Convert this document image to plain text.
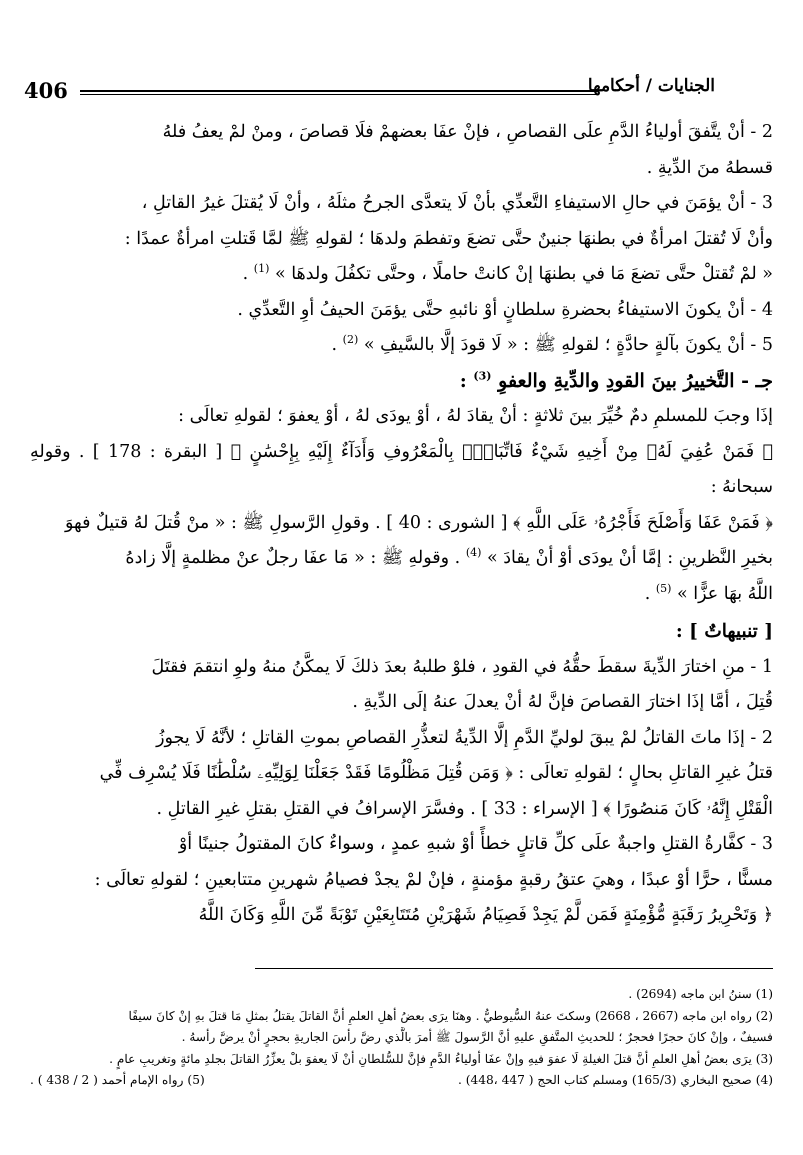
الجنايات / أحكامها
406

2 - أنْ يتَّفقَ أولياءُ الدَّمِ علَى القصاصِ ، فإنْ عفَا بعضهمْ فلَا قصاصَ ، ومنْ لمْ يعفُ فلهُ

قسطهُ منَ الدِّيةِ .

3 - أنْ يؤمَنَ في حالِ الاستيفاءِ التَّعدِّي بأنْ لَا يتعدَّى الجرحُ مثلَهُ ، وأنْ لَا يُقتلَ غيرُ القاتلِ ،

وأنْ لَا تُقتلَ امرأةٌ في بطنهَا جنينٌ حتَّى تضعَ وتفطمَ ولدهَا ؛ لقولهِ ﷺ لمَّا قَتلتِ امرأةٌ عمدًا :

« لمْ تُقتلْ حتَّى تضعَ مَا في بطنهَا إنْ كانتْ حاملًا ، وحتَّى تكفُلَ ولدهَا » $^{(1)}$ .

4 - أنْ يكونَ الاستيفاءُ بحضرةِ سلطانٍ أوْ نائبهِ حتَّى يؤمَنَ الحيفُ أوِ التَّعدِّي .

5 - أنْ يكونَ بآلةٍ حادَّةٍ ؛ لقولهِ ﷺ : « لَا قودَ إلَّا بالسَّيفِ » $^{(2)}$ .

جـ - التَّخييرُ بينَ القودِ والدِّيةِ والعفوِ $^{(3)}$ :

إذَا وجبَ للمسلمِ دمٌ خُيِّرَ بينَ ثلاثةٍ : أنْ يقادَ لهُ ، أوْ يودَى لهُ ، أوْ يعفوَ ؛ لقولهِ تعالَى :

﴿ فَمَنْ عُفِيَ لَهُۥ مِنْ أَخِيهِ شَيْءٌ فَاتِّبَاعٌۢ بِالْمَعْرُوفِ وَأَدَآءٌ إِلَيْهِ بِإِحْسَٰنٍ ﴾ [ البقرة : 178 ] . وقولهِ سبحانهُ :

﴿ فَمَنْ عَفَا وَأَصْلَحَ فَأَجْرُهُۥ عَلَى اللَّهِ ﴾ [ الشورى : 40 ] . وقولِ الرَّسولِ ﷺ : « منْ قُتلَ لهُ قتيلٌ فهوَ

بخيرِ النَّظرينِ : إمَّا أنْ يودَى أوْ أنْ يقادَ » $^{(4)}$ . وقولهِ ﷺ : « مَا عفَا رجلٌ عنْ مظلمةٍ إلَّا زادهُ

اللَّهُ بهَا عزًّا » $^{(5)}$ .

[ تنبيهاتٌ ] :

1 - منِ اختارَ الدِّيةَ سقطَ حقُّهُ في القودِ ، فلوْ طلبهُ بعدَ ذلكَ لَا يمكَّنُ منهُ ولوِ انتقمَ فقتَلَ

قُتِلَ ، أمَّا إذَا اختارَ القصاصَ فإنَّ لهُ أنْ يعدلَ عنهُ إلَى الدِّيةِ .

2 - إذَا ماتَ القاتلُ لمْ يبقَ لوليِّ الدَّمِ إلَّا الدِّيةُ لتعذُّرِ القصاصِ بموتِ القاتلِ ؛ لأنَّهُ لَا يجوزُ

قتلُ غيرِ القاتلِ بحالٍ ؛ لقولهِ تعالَى : ﴿ وَمَن قُتِلَ مَظْلُومًا فَقَدْ جَعَلْنَا لِوَلِيِّهِۦ سُلْطَٰنًا فَلَا يُسْرِف فِّي

الْقَتْلِ إِنَّهُۥ كَانَ مَنصُورًا ﴾ [ الإسراء : 33 ] . وفسَّرَ الإسرافُ في القتلِ بقتلِ غيرِ القاتلِ .

3 - كفَّارةُ القتلِ واجبةٌ علَى كلِّ قاتلٍ خطأً أوْ شبهِ عمدٍ ، وسواءٌ كانَ المقتولُ جنينًا أوْ

مسنًّا ، حرًّا أوْ عبدًا ، وهيَ عتقُ رقبةٍ مؤمنةٍ ، فإنْ لمْ يجدْ فصيامُ شهرينِ متتابعينِ ؛ لقولهِ تعالَى :

﴿ وَتَحْرِيرُ رَقَبَةٍ مُّؤْمِنَةٍ فَمَن لَّمْ يَجِدْ فَصِيَامُ شَهْرَيْنِ مُتَتَابِعَيْنِ تَوْبَةً مِّنَ اللَّهِ وَكَانَ اللَّهُ

(1) سننُ ابن ماجه (2694) .

(2) رواه ابن ماجه (2667 ، 2668) وسكتَ عنهُ السُّيوطيُّ . وهنَا يرَى بعضُ أهلِ العلمِ أنَّ القاتلَ يقتلُ بمثلِ مَا قتلَ بهِ إنْ كانَ سيفًا

فسيفٌ ، وإنْ كانَ حجرًا فحجرٌ ؛ للحديثِ المتَّفقِ عليهِ أنَّ الرَّسولَ ﷺ أمرَ بالَّذي رضَّ رأسَ الجاريةِ بحجرٍ أنْ يرضَّ رأسهُ .

(3) يرَى بعضُ أهلِ العلمِ أنَّ قتلَ الغيلةِ لَا عفوَ فيهِ وإنْ عفَا أولياءُ الدَّمِ فإنَّ للسُّلطانِ أنْ لَا يعفوَ بلْ يعزِّرُ القاتلَ بجلدِ مائةٍ وتغريبِ عامٍ .

(4) صحيح البخاري (165/3) ومسلم كتاب الحج ( 447 ،448) .
(5) رواه الإمام أحمد ( 2 / 438 ) .
